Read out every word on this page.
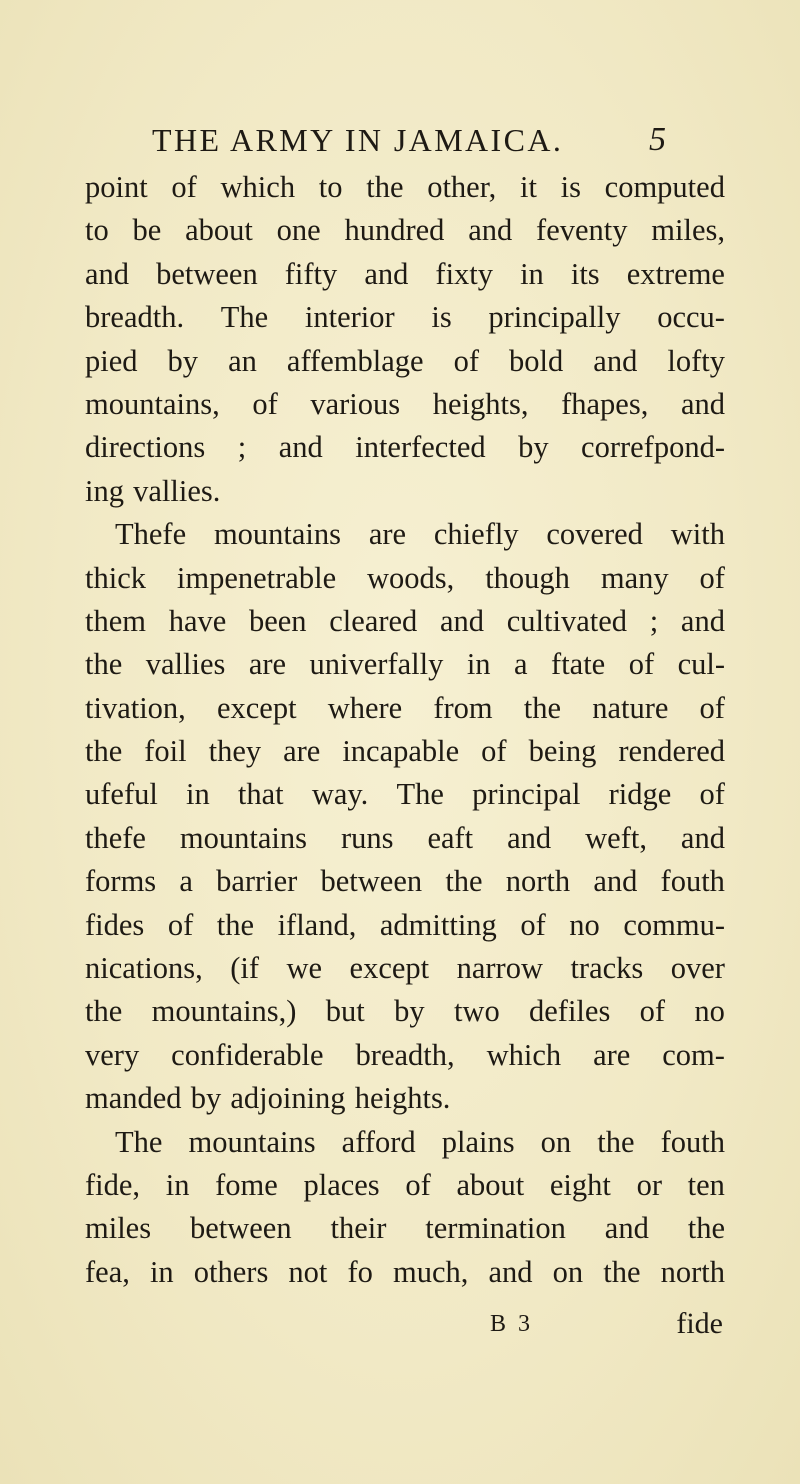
THE ARMY IN JAMAICA.	5
point of which to the other, it is computed
to be about one hundred and feventy miles,
and between fifty and fixty in its extreme
breadth. The interior is principally occu-
pied by an affemblage of bold and lofty
mountains, of various heights, fhapes, and
directions ; and interfected by correfpond-
ing vallies.
Thefe mountains are chiefly covered with
thick impenetrable woods, though many of
them have been cleared and cultivated ; and
the vallies are univerfally in a ftate of cul-
tivation, except where from the nature of
the foil they are incapable of being rendered
ufeful in that way. The principal ridge of
thefe mountains runs eaft and weft, and
forms a barrier between the north and fouth
fides of the ifland, admitting of no commu-
nications, (if we except narrow tracks over
the mountains,) but by two defiles of no
very confiderable breadth, which are com-
manded by adjoining heights.
The mountains afford plains on the fouth
fide, in fome places of about eight or ten
miles between their termination and the
fea, in others not fo much, and on the north
B 3	fide
